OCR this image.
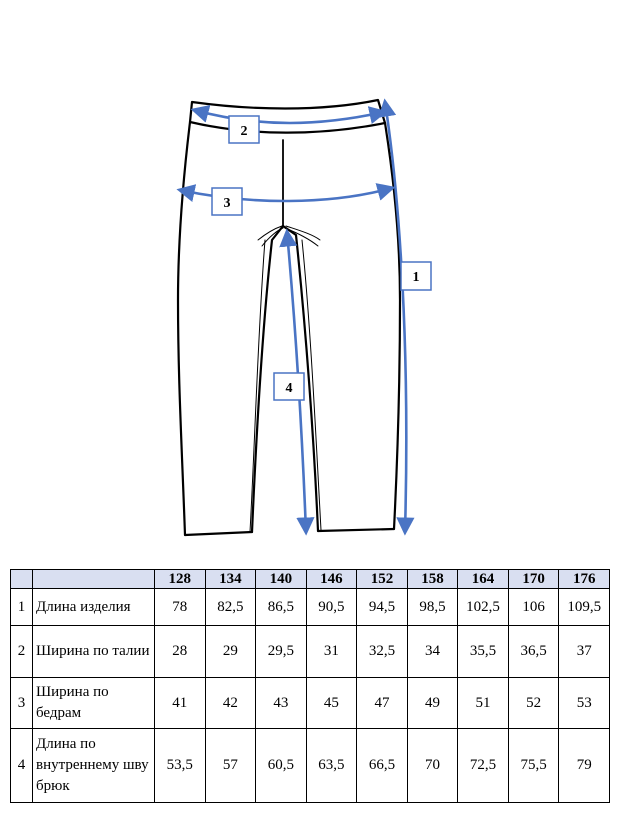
2
3
1
4
		128	134	140	146	152	158	164	170	176
1	Длина изделия	78	82,5	86,5	90,5	94,5	98,5	102,5	106	109,5
2	Ширина по талии	28	29	29,5	31	32,5	34	35,5	36,5	37
3	Ширина по бедрам	41	42	43	45	47	49	51	52	53
4	Длина по внутреннему шву брюк	53,5	57	60,5	63,5	66,5	70	72,5	75,5	79
